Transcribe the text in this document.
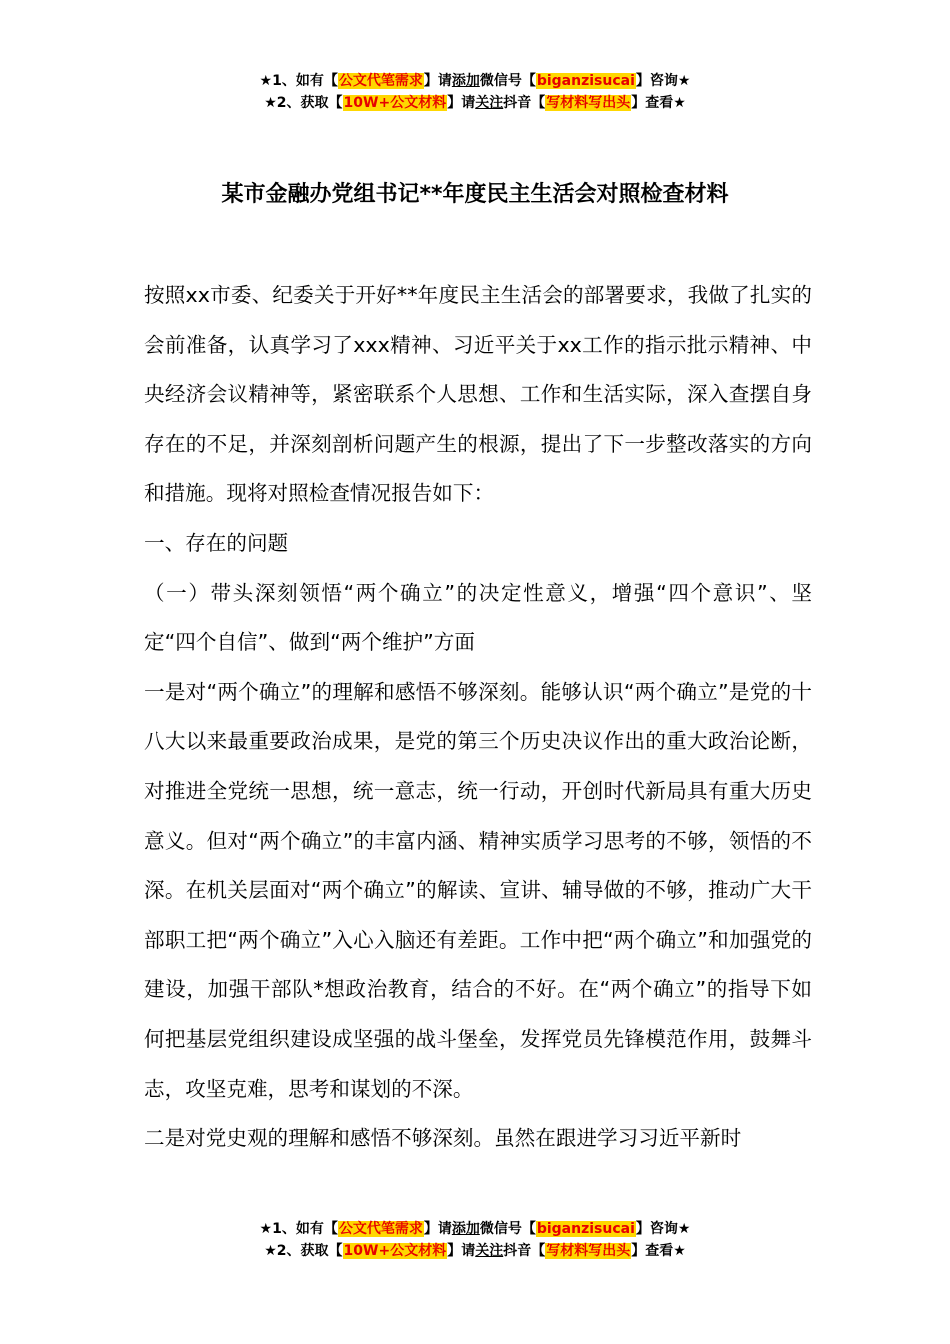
★1、如有【公文代笔需求】请添加微信号【biganzisucai】咨询★
★2、获取【10W+公文材料】请关注抖音【写材料写出头】查看★
某市金融办党组书记**年度民主生活会对照检查材料

按照xx市委、纪委关于开好**年度民主生活会的部署要求，我做了扎实的会前准备，认真学习了xxx精神、习近平关于xx工作的指示批示精神、中央经济会议精神等，紧密联系个人思想、工作和生活实际，深入查摆自身存在的不足，并深刻剖析问题产生的根源，提出了下一步整改落实的方向和措施。现将对照检查情况报告如下：

一、存在的问题

（一）带头深刻领悟“两个确立”的决定性意义，增强“四个意识”、坚定“四个自信”、做到“两个维护”方面

一是对“两个确立”的理解和感悟不够深刻。能够认识“两个确立”是党的十八大以来最重要政治成果，是党的第三个历史决议作出的重大政治论断，对推进全党统一思想，统一意志，统一行动，开创时代新局具有重大历史意义。但对“两个确立”的丰富内涵、精神实质学习思考的不够，领悟的不深。在机关层面对“两个确立”的解读、宣讲、辅导做的不够，推动广大干部职工把“两个确立”入心入脑还有差距。工作中把“两个确立”和加强党的建设，加强干部队*想政治教育，结合的不好。在“两个确立”的指导下如何把基层党组织建设成坚强的战斗堡垒，发挥党员先锋模范作用，鼓舞斗志，攻坚克难，思考和谋划的不深。

二是对党史观的理解和感悟不够深刻。虽然在跟进学习习近平新时

★1、如有【公文代笔需求】请添加微信号【biganzisucai】咨询★
★2、获取【10W+公文材料】请关注抖音【写材料写出头】查看★
